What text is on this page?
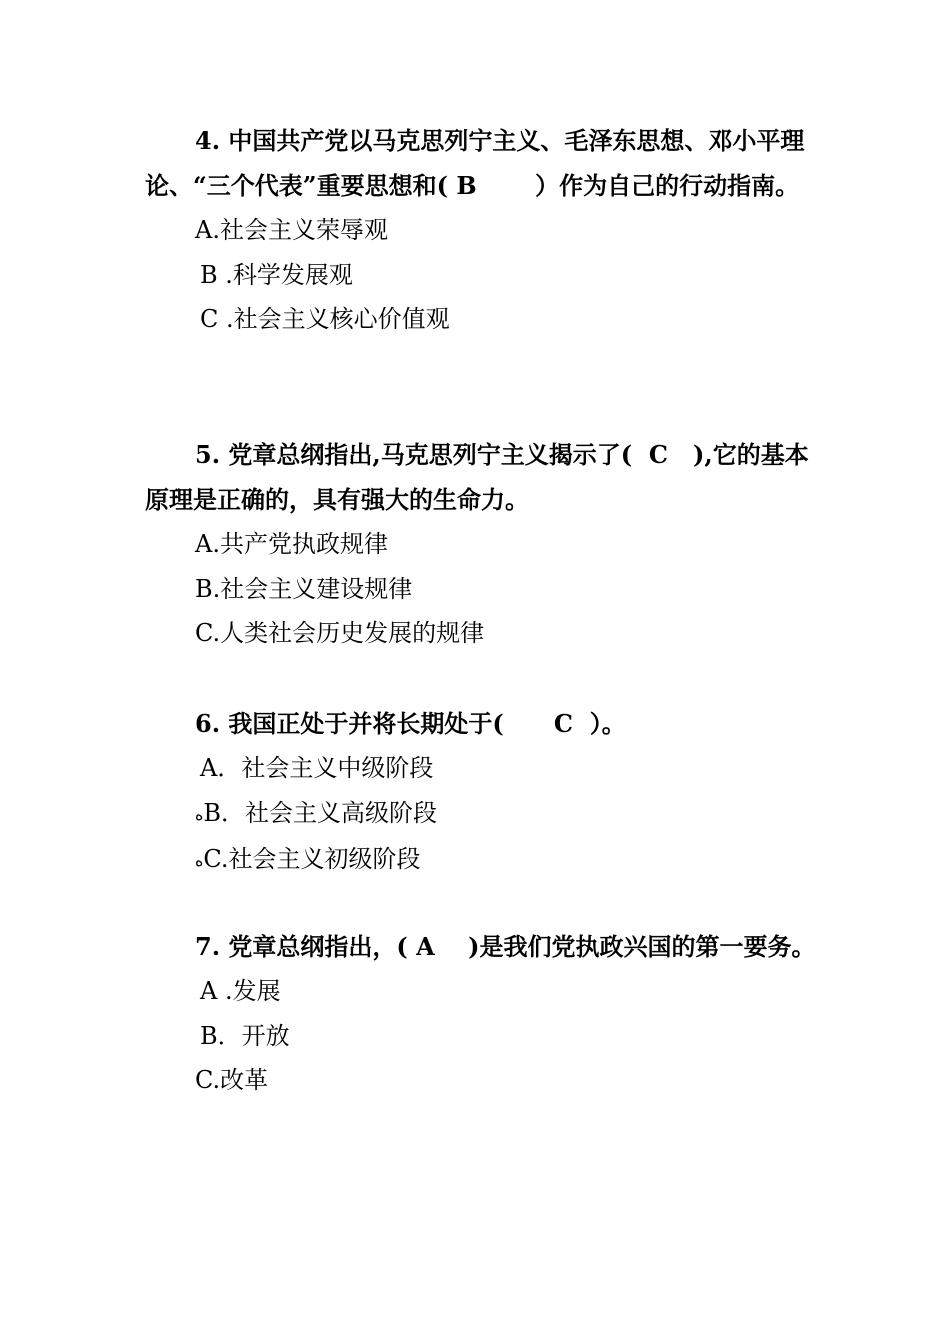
4. 中国共产党以马克思列宁主义、毛泽东思想、邓小平理论、“三个代表”重要思想和( B       ）作为自己的行动指南。

A.社会主义荣辱观

B .科学发展观

C .社会主义核心价值观

5. 党章总纲指出,马克思列宁主义揭示了(  C   ),它的基本原理是正确的，具有强大的生命力。

A.共产党执政规律

B.社会主义建设规律

C.人类社会历史发展的规律

6. 我国正处于并将长期处于(      C  ）。

A．社会主义中级阶段

هB．社会主义高级阶段

هC.社会主义初级阶段

7. 党章总纲指出，( A    )是我们党执政兴国的第一要务。

A .发展

B．开放

C.改革
